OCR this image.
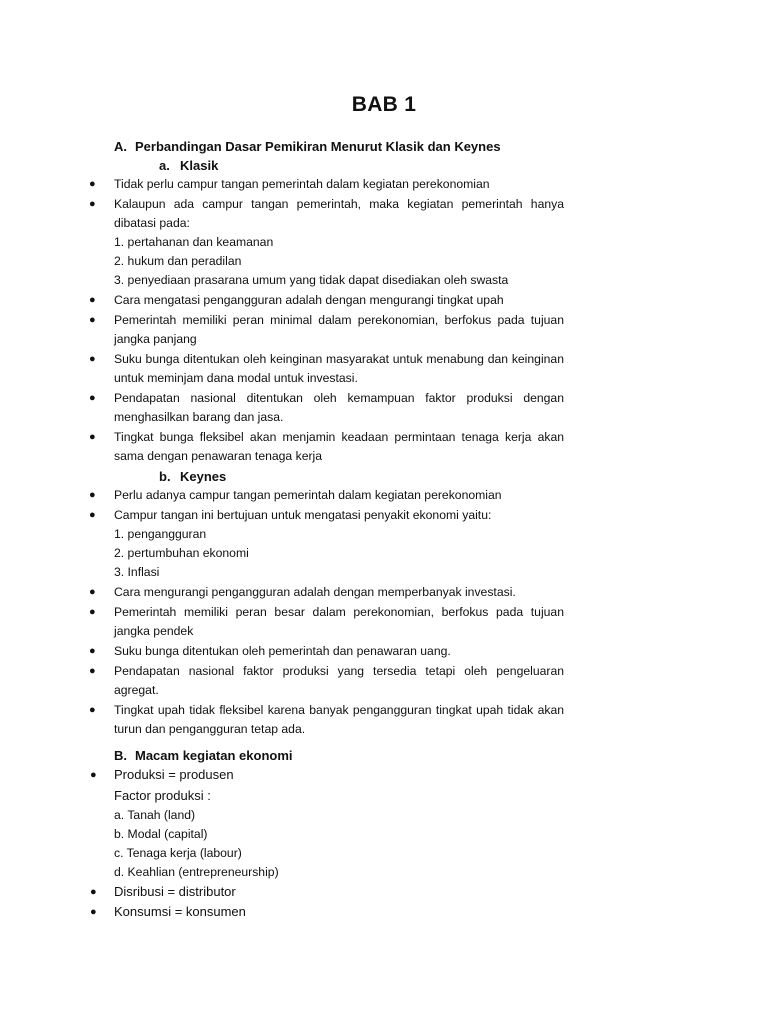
BAB 1
A. Perbandingan Dasar Pemikiran Menurut Klasik dan Keynes
a. Klasik
● Tidak perlu campur tangan pemerintah dalam kegiatan perekonomian
● Kalaupun ada campur tangan pemerintah, maka kegiatan pemerintah hanya dibatasi pada:
1. pertahanan dan keamanan
2. hukum dan peradilan
3. penyediaan prasarana umum yang tidak dapat disediakan oleh swasta
● Cara mengatasi pengangguran adalah dengan mengurangi tingkat upah
● Pemerintah memiliki peran minimal dalam perekonomian, berfokus pada tujuan jangka panjang
● Suku bunga ditentukan oleh keinginan masyarakat untuk menabung dan keinginan untuk meminjam dana modal untuk investasi.
● Pendapatan nasional ditentukan oleh kemampuan faktor produksi dengan menghasilkan barang dan jasa.
● Tingkat bunga fleksibel akan menjamin keadaan permintaan tenaga kerja akan sama dengan penawaran tenaga kerja
b. Keynes
● Perlu adanya campur tangan pemerintah dalam kegiatan perekonomian
● Campur tangan ini bertujuan untuk mengatasi penyakit ekonomi yaitu:
1. pengangguran
2. pertumbuhan ekonomi
3. Inflasi
● Cara mengurangi pengangguran adalah dengan memperbanyak investasi.
● Pemerintah memiliki peran besar dalam perekonomian, berfokus pada tujuan jangka pendek
● Suku bunga ditentukan oleh pemerintah dan penawaran uang.
● Pendapatan nasional faktor produksi yang tersedia tetapi oleh pengeluaran agregat.
● Tingkat upah tidak fleksibel karena banyak pengangguran tingkat upah tidak akan turun dan pengangguran tetap ada.
B. Macam kegiatan ekonomi
● Produksi = produsen
Factor produksi :
a. Tanah (land)
b. Modal (capital)
c. Tenaga kerja (labour)
d. Keahlian (entrepreneurship)
● Disribusi = distributor
● Konsumsi = konsumen
